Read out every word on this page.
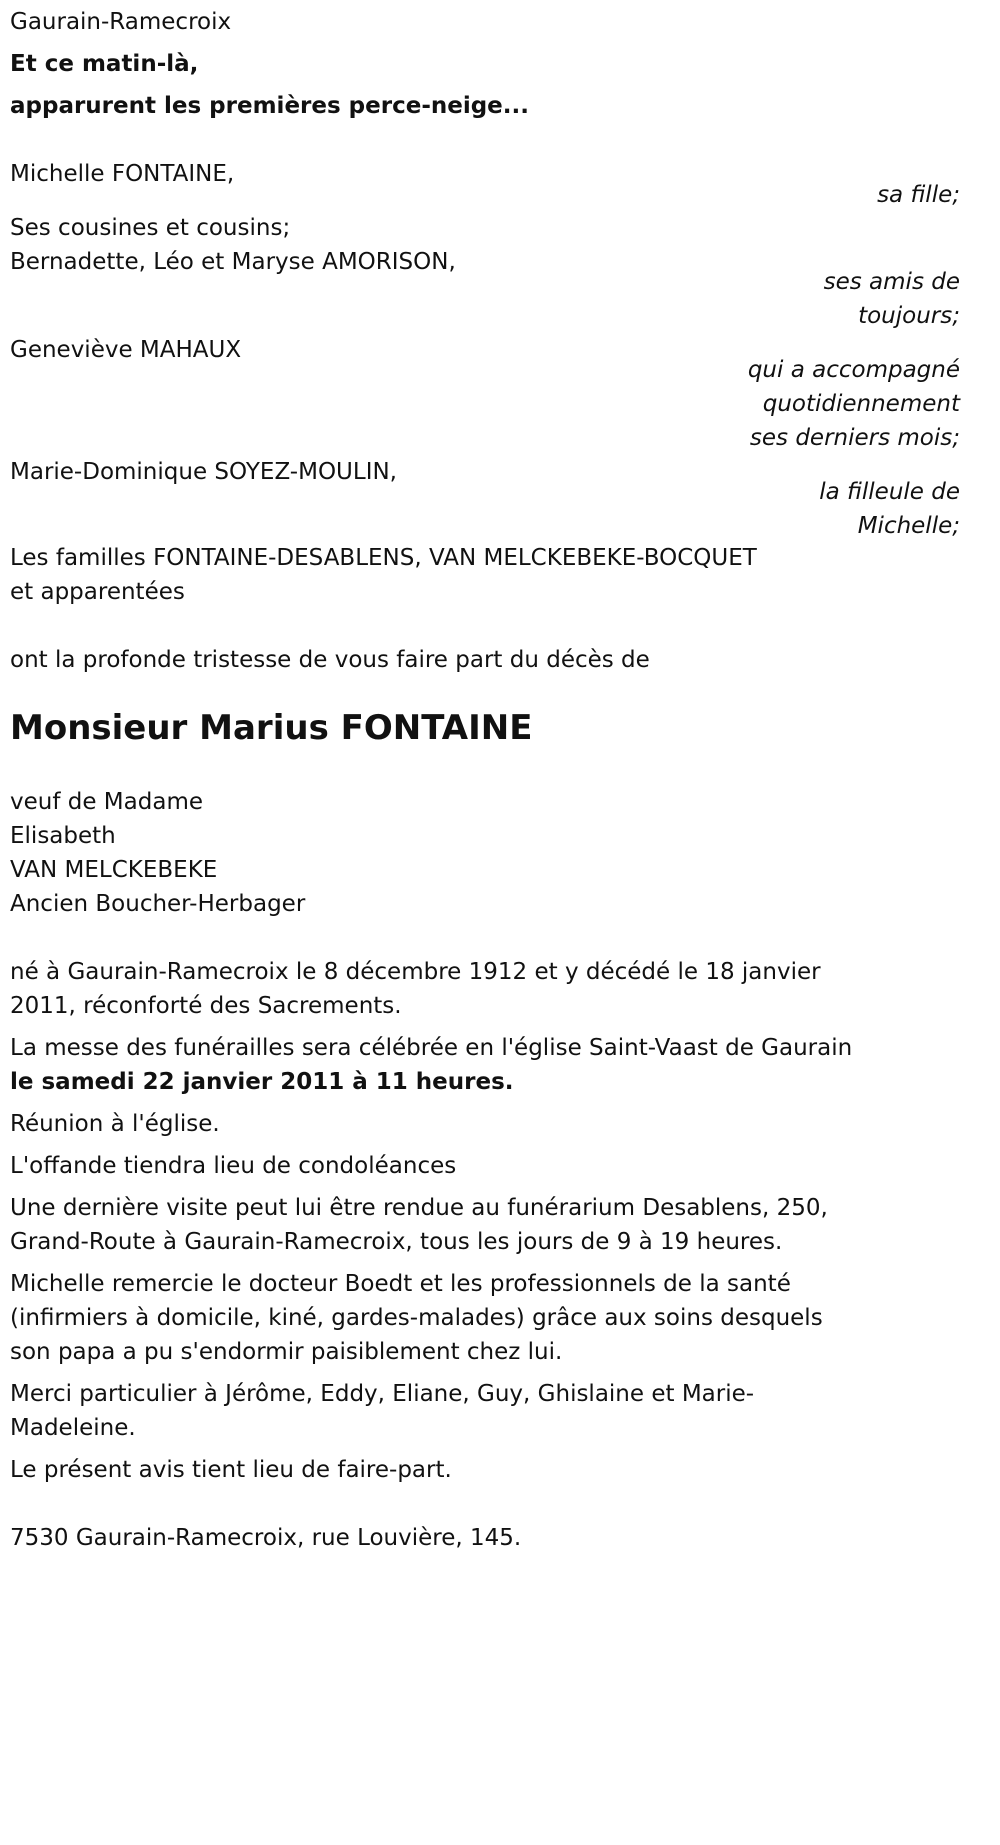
Gaurain-Ramecroix
Et ce matin-là,
apparurent les premières perce-neige...
Michelle FONTAINE,
sa fille;
Ses cousines et cousins;
Bernadette, Léo et Maryse AMORISON,
ses amis de
toujours;
Geneviève MAHAUX
qui a accompagné
quotidiennement
ses derniers mois;
Marie-Dominique SOYEZ-MOULIN,
la filleule de
Michelle;
Les familles FONTAINE-DESABLENS, VAN MELCKEBEKE-BOCQUET
et apparentées
ont la profonde tristesse de vous faire part du décès de
Monsieur Marius FONTAINE
veuf de Madame
Elisabeth
VAN MELCKEBEKE
Ancien Boucher-Herbager
né à Gaurain-Ramecroix le 8 décembre 1912 et y décédé le 18 janvier
2011, réconforté des Sacrements.
La messe des funérailles sera célébrée en l'église Saint-Vaast de Gaurain
le samedi 22 janvier 2011 à 11 heures.
Réunion à l'église.
L'offande tiendra lieu de condoléances
Une dernière visite peut lui être rendue au funérarium Desablens, 250,
Grand-Route à Gaurain-Ramecroix, tous les jours de 9 à 19 heures.
Michelle remercie le docteur Boedt et les professionnels de la santé
(infirmiers à domicile, kiné, gardes-malades) grâce aux soins desquels
son papa a pu s'endormir paisiblement chez lui.
Merci particulier à Jérôme, Eddy, Eliane, Guy, Ghislaine et Marie-
Madeleine.
Le présent avis tient lieu de faire-part.
7530 Gaurain-Ramecroix, rue Louvière, 145.
